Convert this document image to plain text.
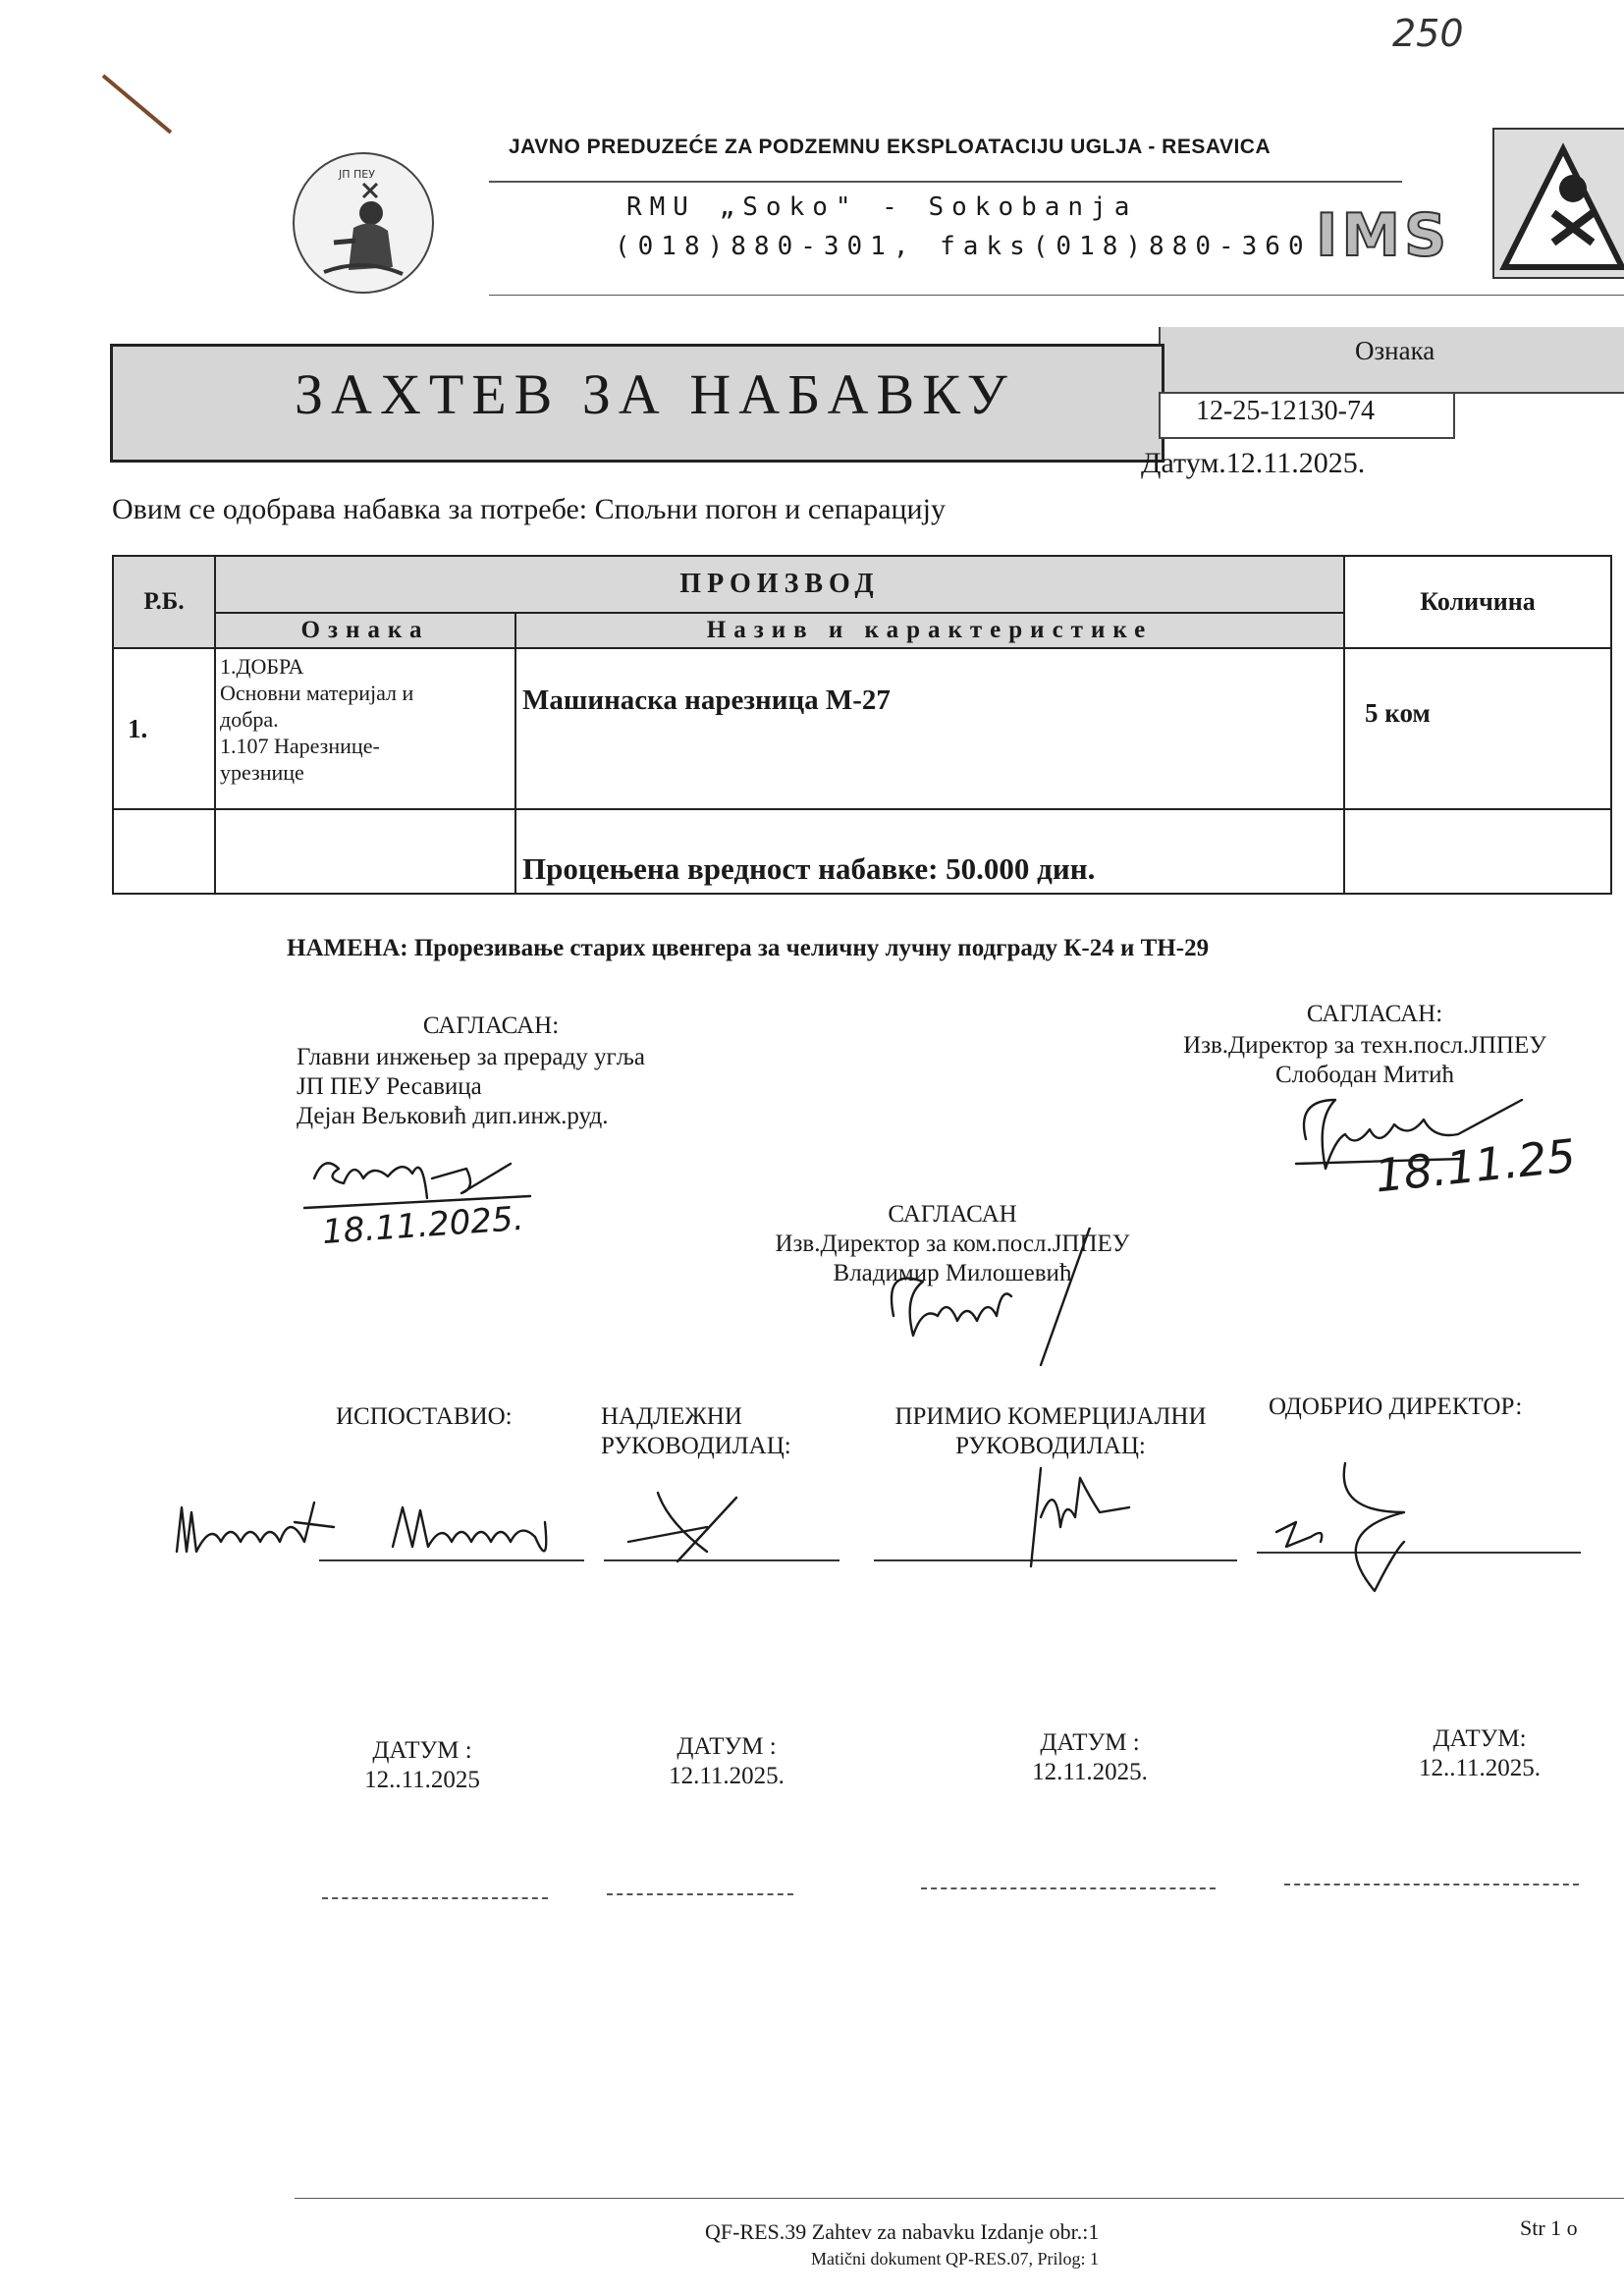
250
ЈП ПЕУ
JAVNO PREDUZEĆE ZA PODZEMNU EKSPLOATACIJU UGLJA - RESAVICA
RMU „Soko" - Sokobanja
(018)880-301, faks(018)880-360 IMS
ЗАХТЕВ ЗА НАБАВКУ
Ознака
12-25-12130-74
Датум.12.11.2025.
Овим се одобрава набавка за потребе: Спољни погон и сепарацију
Р.Б.	ПРОИЗВОД		Количина
	Ознака	Назив и карактеристике	
1.	1.ДОБРА
Основни материјал и
добра.
1.107 Нарезнице-
урезнице	Машинаска нарезница М-27	5 ком
		Процењена вредност набавке: 50.000 дин.	
НАМЕНА: Прорезивање старих цвенгера за челичну лучну подграду К-24 и ТН-29
САГЛАСАН:
Главни инжењер за прераду угља
ЈП ПЕУ Ресавица
Дејан Вељковић дип.инж.руд.
18.11.2025.
САГЛАСАН:
Изв.Директор за техн.посл.ЈППЕУ
Слободан Митић
18.11.25
САГЛАСАН
Изв.Директор за ком.посл.ЈППЕУ
Владимир Милошевић
ИСПОСТАВИО:	НАДЛЕЖНИ РУКОВОДИЛАЦ:
ПРИМИО КОМЕРЦИЈАЛНИ РУКОВОДИЛАЦ:
ОДОБРИО ДИРЕКТОР:
ДАТУМ :
12..11.2025
ДАТУМ :
12.11.2025.
ДАТУМ :
12.11.2025.
ДАТУМ:
12..11.2025.
QF-RES.39 Zahtev za nabavku Izdanje obr.:1
Matični dokument QP-RES.07, Prilog: 1
Str 1 o
